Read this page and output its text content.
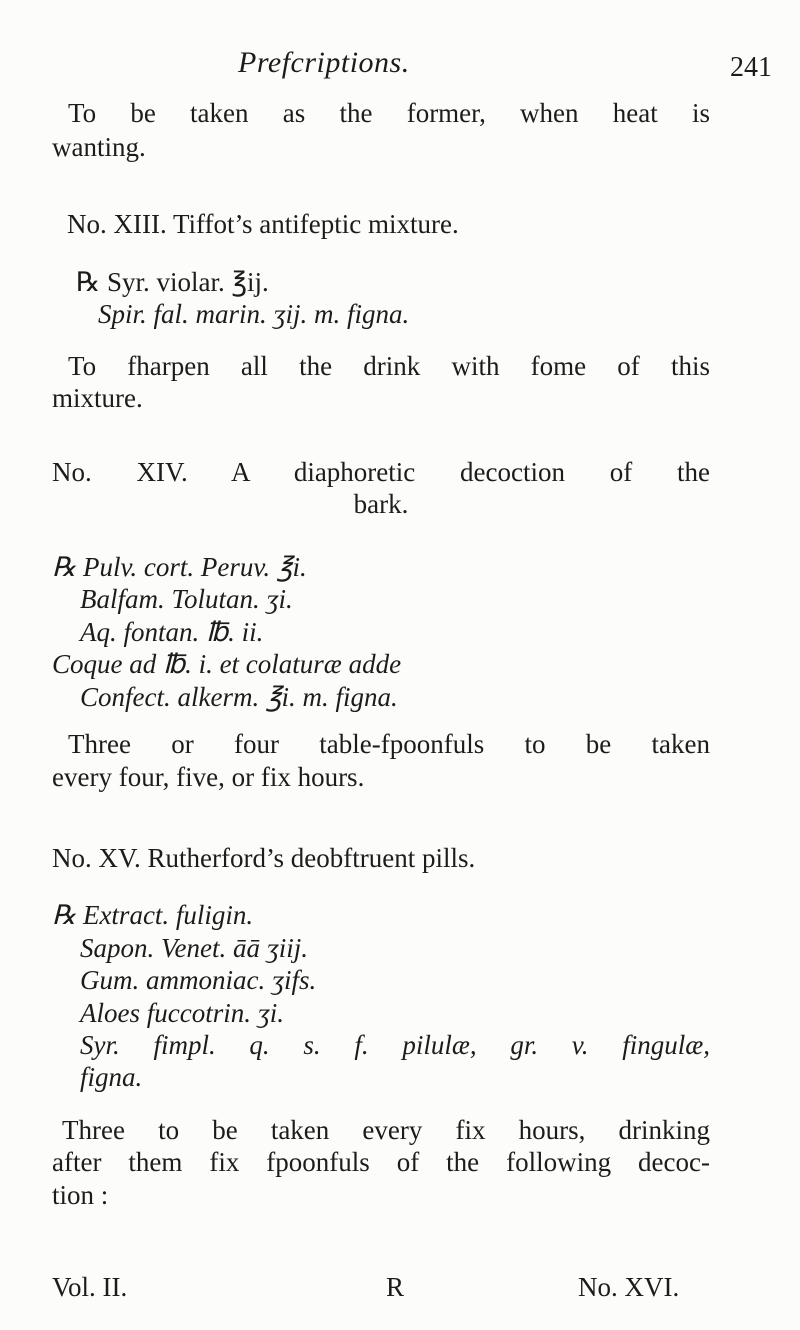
Prefcriptions.	241
To be taken as the former, when heat is
wanting.
No. XIII. Tiffot’s antifeptic mixture.
℞ Syr. violar. ℥ij.
Spir. fal. marin. ʒij. m. figna.
To fharpen all the drink with fome of this
mixture.
No. XIV. A diaphoretic decoction of the
bark.
℞ Pulv. cort. Peruv. ℥i.
Balfam. Tolutan. ʒi.
Aq. fontan. ℔. ii.
Coque ad ℔. i. et colaturæ adde
Confect. alkerm. ℥i. m. figna.
Three or four table-fpoonfuls to be taken
every four, five, or fix hours.
No. XV. Rutherford’s deobftruent pills.
℞ Extract. fuligin.
Sapon. Venet. āā ʒiij.
Gum. ammoniac. ʒifs.
Aloes fuccotrin. ʒi.
Syr. fimpl. q. s. f. pilulæ, gr. v. fingulæ,
figna.
Three to be taken every fix hours, drinking
after them fix fpoonfuls of the following decoc-
tion :
Vol. II.	R	No. XVI.
